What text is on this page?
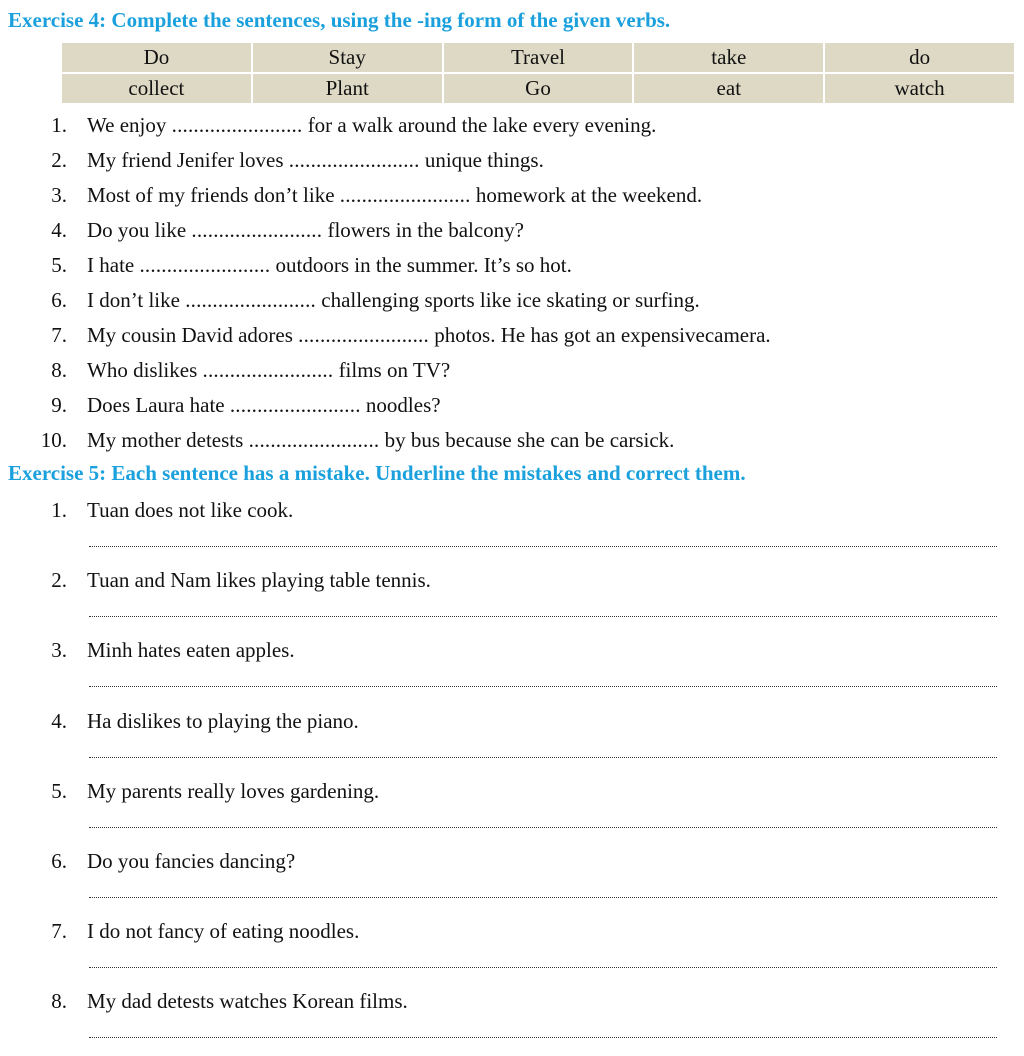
Exercise 4: Complete the sentences, using the -ing form of the given verbs.
Do	Stay	Travel	take	do
collect	Plant	Go	eat	watch
1. We enjoy ........................ for a walk around the lake every evening.
2. My friend Jenifer loves ........................ unique things.
3. Most of my friends don’t like ........................ homework at the weekend.
4. Do you like ........................ flowers in the balcony?
5. I hate ........................ outdoors in the summer. It’s so hot.
6. I don’t like ........................ challenging sports like ice skating or surfing.
7. My cousin David adores ........................ photos. He has got an expensivecamera.
8. Who dislikes ........................ films on TV?
9. Does Laura hate ........................ noodles?
10. My mother detests ........................ by bus because she can be carsick.
Exercise 5: Each sentence has a mistake. Underline the mistakes and correct them.
1. Tuan does not like cook.
2. Tuan and Nam likes playing table tennis.
3. Minh hates eaten apples.
4. Ha dislikes to playing the piano.
5. My parents really loves gardening.
6. Do you fancies dancing?
7. I do not fancy of eating noodles.
8. My dad detests watches Korean films.
